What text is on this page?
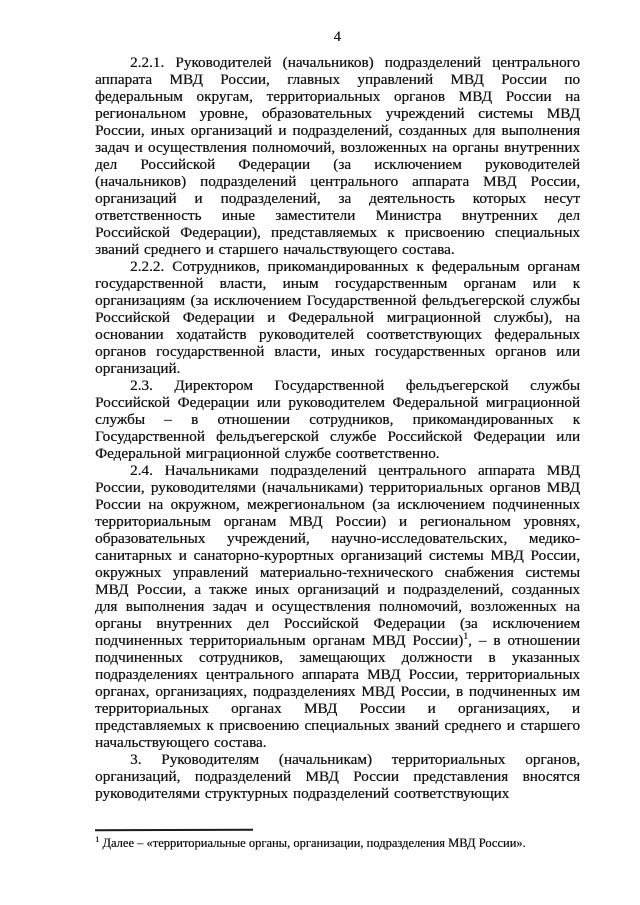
4

2.2.1. Руководителей (начальников) подразделений центрального аппарата МВД России, главных управлений МВД России по федеральным округам, территориальных органов МВД России на региональном уровне, образовательных учреждений системы МВД России, иных организаций и подразделений, созданных для выполнения задач и осуществления полномочий, возложенных на органы внутренних дел Российской Федерации (за исключением руководителей (начальников) подразделений центрального аппарата МВД России, организаций и подразделений, за деятельность которых несут ответственность иные заместители Министра внутренних дел Российской Федерации), представляемых к присвоению специальных званий среднего и старшего начальствующего состава.

2.2.2. Сотрудников, прикомандированных к федеральным органам государственной власти, иным государственным органам или к организациям (за исключением Государственной фельдъегерской службы Российской Федерации и Федеральной миграционной службы), на основании ходатайств руководителей соответствующих федеральных органов государственной власти, иных государственных органов или организаций.

2.3. Директором Государственной фельдъегерской службы Российской Федерации или руководителем Федеральной миграционной службы – в отношении сотрудников, прикомандированных к Государственной фельдъегерской службе Российской Федерации или Федеральной миграционной службе соответственно.

2.4. Начальниками подразделений центрального аппарата МВД России, руководителями (начальниками) территориальных органов МВД России на окружном, межрегиональном (за исключением подчиненных территориальным органам МВД России) и региональном уровнях, образовательных учреждений, научно-исследовательских, медико-санитарных и санаторно-курортных организаций системы МВД России, окружных управлений материально-технического снабжения системы МВД России, а также иных организаций и подразделений, созданных для выполнения задач и осуществления полномочий, возложенных на органы внутренних дел Российской Федерации (за исключением подчиненных территориальным органам МВД России)$^1$, – в отношении подчиненных сотрудников, замещающих должности в указанных подразделениях центрального аппарата МВД России, территориальных органах, организациях, подразделениях МВД России, в подчиненных им территориальных органах МВД России и организациях, и представляемых к присвоению специальных званий среднего и старшего начальствующего состава.

3. Руководителям (начальникам) территориальных органов, организаций, подразделений МВД России представления вносятся руководителями структурных подразделений соответствующих

$^1$ Далее – «территориальные органы, организации, подразделения МВД России».
